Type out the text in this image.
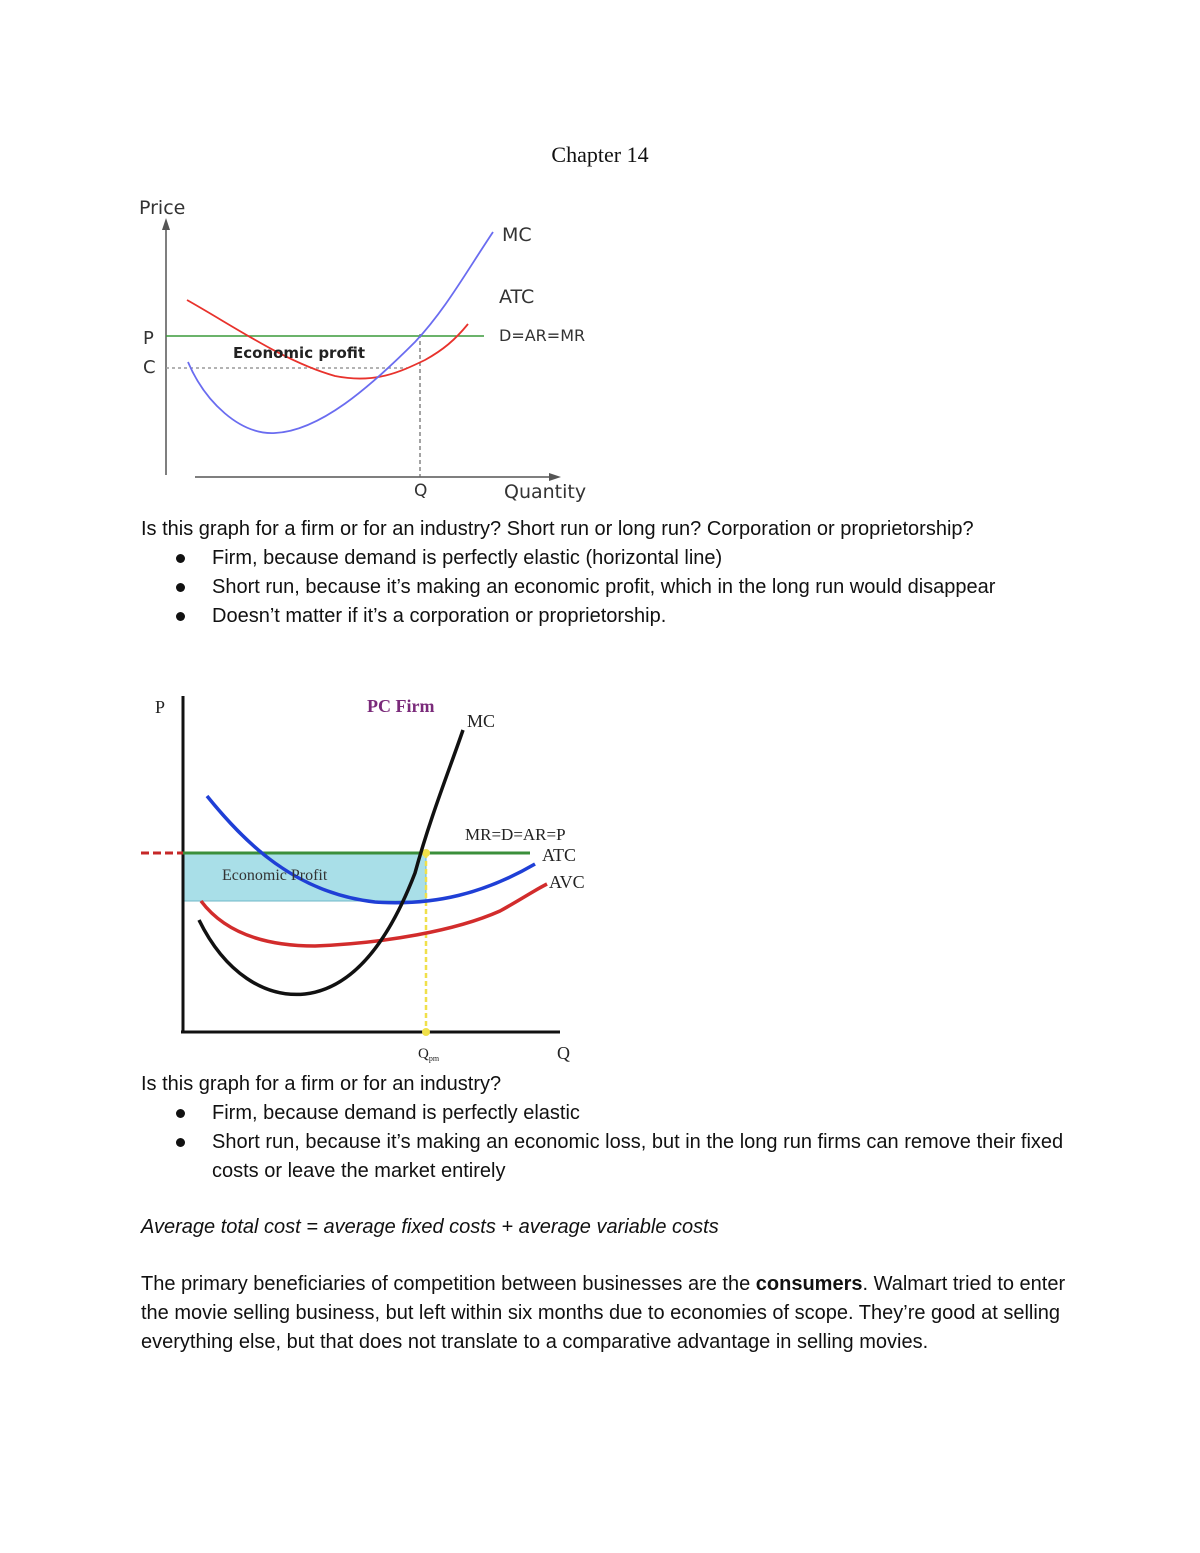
Chapter 14
Price
Quantity
MC
ATC
D=AR=MR
P
C
Q
Economic profit

Is this graph for a firm or for an industry? Short run or long run? Corporation or proprietorship?

Firm, because demand is perfectly elastic (horizontal line)
Short run, because it’s making an economic profit, which in the long run would disappear
Doesn’t matter if it’s a corporation or proprietorship.
P	PC Firm
MC
MR=D=AR=P
ATC
AVC
Economic Profit
Q
$Q_{pm}$

Is this graph for a firm or for an industry?

Firm, because demand is perfectly elastic
Short run, because it’s making an economic loss, but in the long run firms can remove their fixed costs or leave the market entirely

Average total cost = average fixed costs + average variable costs

The primary beneficiaries of competition between businesses are the consumers. Walmart tried to enter the movie selling business, but left within six months due to economies of scope. They’re good at selling everything else, but that does not translate to a comparative advantage in selling movies.
